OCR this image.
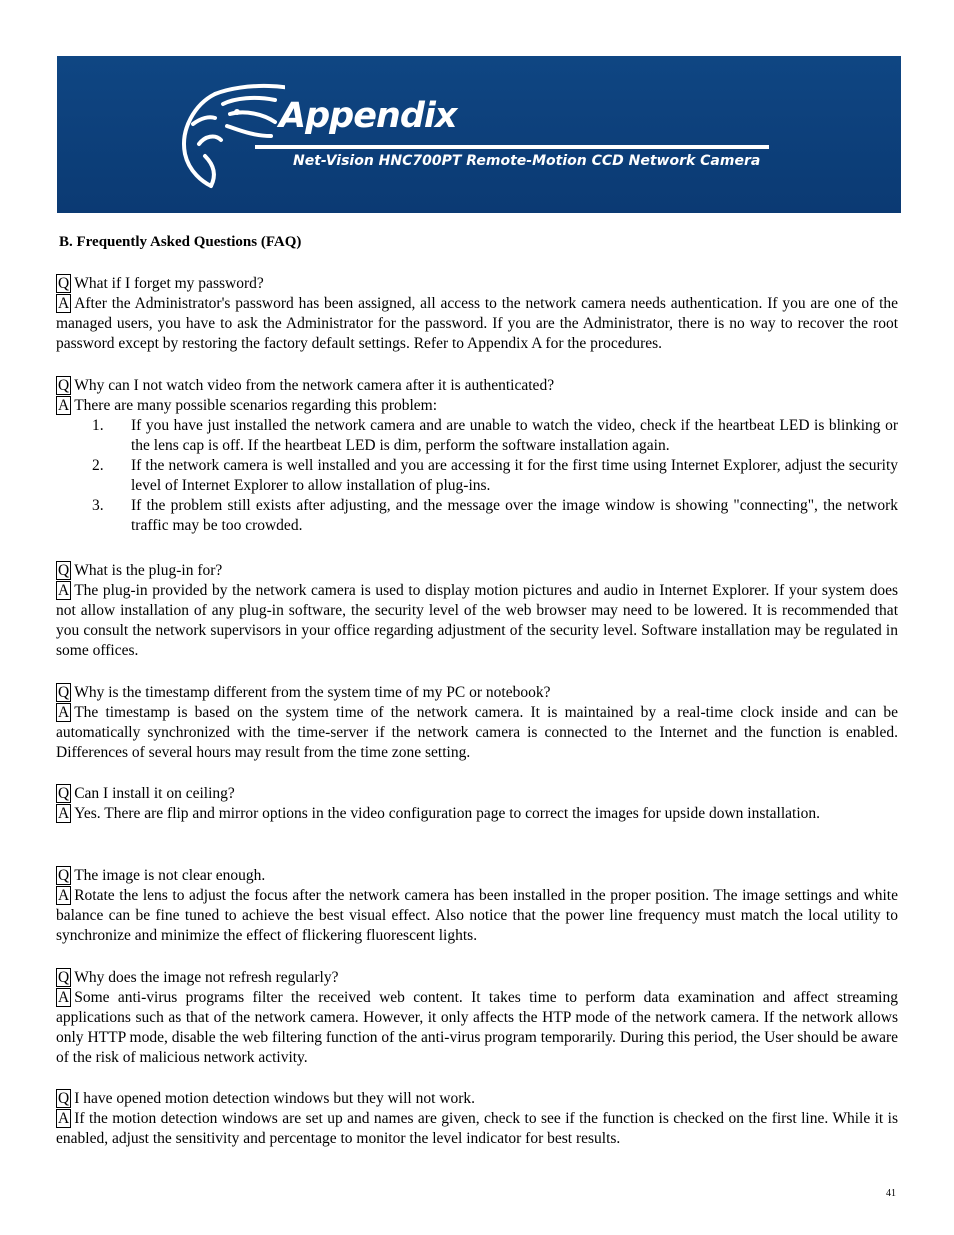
Appendix
Net-Vision HNC700PT Remote-Motion CCD Network Camera
B. Frequently Asked Questions (FAQ)
Q What if I forget my password?
A After the Administrator's password has been assigned, all access to the network camera needs authentication. If you are one of the managed users, you have to ask the Administrator for the password. If you are the Administrator, there is no way to recover the root password except by restoring the factory default settings. Refer to Appendix A for the procedures.
Q Why can I not watch video from the network camera after it is authenticated?
A There are many possible scenarios regarding this problem:
1. If you have just installed the network camera and are unable to watch the video, check if the heartbeat LED is blinking or the lens cap is off. If the heartbeat LED is dim, perform the software installation again.
2. If the network camera is well installed and you are accessing it for the first time using Internet Explorer, adjust the security level of Internet Explorer to allow installation of plug-ins.
3. If the problem still exists after adjusting, and the message over the image window is showing "connecting", the network traffic may be too crowded.
Q What is the plug-in for?
A The plug-in provided by the network camera is used to display motion pictures and audio in Internet Explorer. If your system does not allow installation of any plug-in software, the security level of the web browser may need to be lowered. It is recommended that you consult the network supervisors in your office regarding adjustment of the security level. Software installation may be regulated in some offices.
Q Why is the timestamp different from the system time of my PC or notebook?
A The timestamp is based on the system time of the network camera. It is maintained by a real-time clock inside and can be automatically synchronized with the time-server if the network camera is connected to the Internet and the function is enabled. Differences of several hours may result from the time zone setting.
Q Can I install it on ceiling?
A Yes. There are flip and mirror options in the video configuration page to correct the images for upside down installation.
Q The image is not clear enough.
A Rotate the lens to adjust the focus after the network camera has been installed in the proper position. The image settings and white balance can be fine tuned to achieve the best visual effect. Also notice that the power line frequency must match the local utility to synchronize and minimize the effect of flickering fluorescent lights.
Q Why does the image not refresh regularly?
A Some anti-virus programs filter the received web content. It takes time to perform data examination and affect streaming applications such as that of the network camera. However, it only affects the HTP mode of the network camera. If the network allows only HTTP mode, disable the web filtering function of the anti-virus program temporarily. During this period, the User should be aware of the risk of malicious network activity.
Q I have opened motion detection windows but they will not work.
A If the motion detection windows are set up and names are given, check to see if the function is checked on the first line. While it is enabled, adjust the sensitivity and percentage to monitor the level indicator for best results.
41
